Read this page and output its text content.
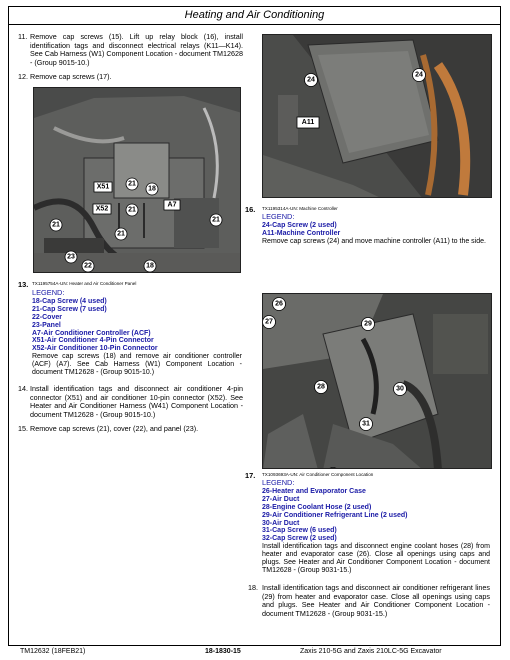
Heating and Air Conditioning
11. Remove cap screws (15). Lift up relay block (16), install identification tags and disconnect electrical relays (K11—K14). See Cab Harness (W1) Component Location - document TM12628 - (Group 9015-10.)
12. Remove cap screws (17).
21
18
X51
A7
X52	21
21
21
21
23
22	18
13. TX1195754A-UN: Heater and Air Conditioner Panel
LEGEND:
18-Cap Screw (4 used)
21-Cap Screw (7 used)
22-Cover
23-Panel
A7-Air Conditioner Controller (ACF)
X51-Air Conditioner 4-Pin Connector
X52-Air Conditioner 10-Pin Connector
Remove cap screws (18) and remove air conditioner controller (ACF) (A7). See Cab Harness (W1) Component Location - document TM12628 - (Group 9015-10.)
14. Install identification tags and disconnect air conditioner 4-pin connector (X51) and air conditioner 10-pin connector (X52). See Heater and Air Conditioner Harness (W41) Component Location - document TM12628 - (Group 9015-10.)
15. Remove cap screws (21), cover (22), and panel (23).
24
24
A11
16. TX1195314A-UN: Machine Controller
LEGEND:
24-Cap Screw (2 used)
A11-Machine Controller
Remove cap screws (24) and move machine controller (A11) to the side.
26
27	29
28	30
31
17. TX1093693A-UN: Air Conditioner Component Location
LEGEND:
26-Heater and Evaporator Case
27-Air Duct
28-Engine Coolant Hose (2 used)
29-Air Conditioner Refrigerant Line (2 used)
30-Air Duct
31-Cap Screw (6 used)
32-Cap Screw (2 used)
Install identification tags and disconnect engine coolant hoses (28) from heater and evaporator case (26). Close all openings using caps and plugs. See Heater and Air Conditioner Component Location - document TM12628 - (Group 9031-15.)
18. Install identification tags and disconnect air conditioner refrigerant lines (29) from heater and evaporator case. Close all openings using caps and plugs. See Heater and Air Conditioner Component Location - document TM12628 - (Group 9031-15.)
TM12632 (18FEB21)	18-1830-15	Zaxis 210-5G and Zaxis 210LC-5G Excavator
